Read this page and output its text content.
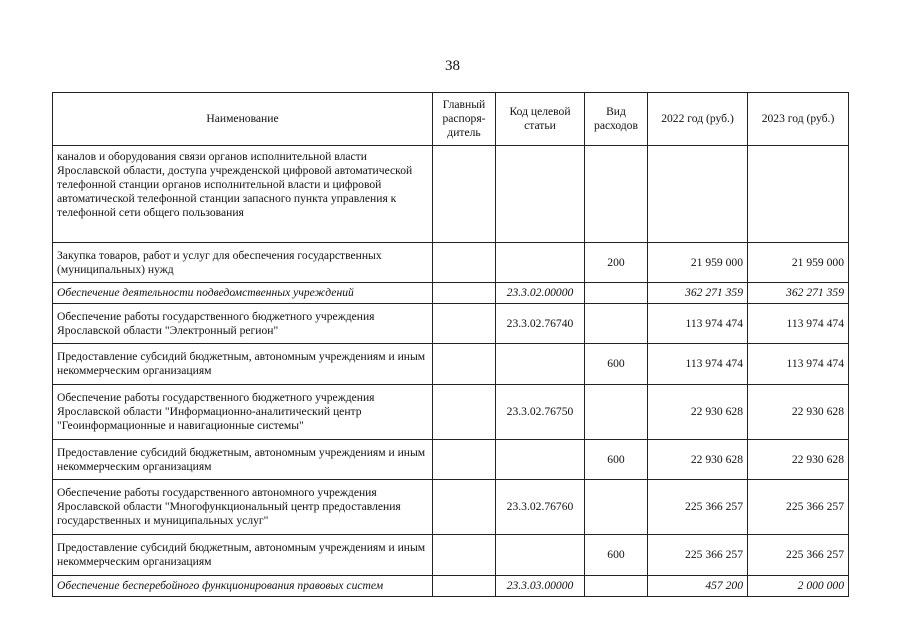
38
Наименование	Главный распоря-дитель	Код целевой статьи	Вид расходов	2022 год (руб.)	2023 год (руб.)
каналов и оборудования связи органов исполнительной власти Ярославской области, доступа учрежденской цифровой автоматической телефонной станции органов исполнительной власти и цифровой автоматической телефонной станции запасного пункта управления к телефонной сети общего пользования					
Закупка товаров, работ и услуг для обеспечения государственных (муниципальных) нужд			200	21 959 000	21 959 000
Обеспечение деятельности подведомственных учреждений		23.3.02.00000		362 271 359	362 271 359
Обеспечение работы государственного бюджетного учреждения Ярославской области "Электронный регион"		23.3.02.76740		113 974 474	113 974 474
Предоставление субсидий бюджетным, автономным учреждениям и иным некоммерческим организациям			600	113 974 474	113 974 474
Обеспечение работы государственного бюджетного учреждения Ярославской области "Информационно-аналитический центр "Геоинформационные и навигационные системы"		23.3.02.76750		22 930 628	22 930 628
Предоставление субсидий бюджетным, автономным учреждениям и иным некоммерческим организациям			600	22 930 628	22 930 628
Обеспечение работы государственного автономного учреждения Ярославской области "Многофункциональный центр предоставления государственных и муниципальных услуг"		23.3.02.76760		225 366 257	225 366 257
Предоставление субсидий бюджетным, автономным учреждениям и иным некоммерческим организациям			600	225 366 257	225 366 257
Обеспечение бесперебойного функционирования правовых систем		23.3.03.00000		457 200	2 000 000
